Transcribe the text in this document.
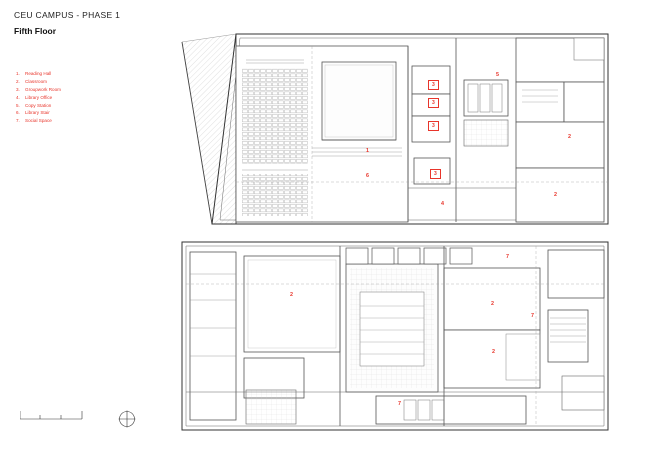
CEU CAMPUS - PHASE 1
Fifth Floor
1.	Reading Hall
2.	Classroom
3.	Groupwork Room
4.	Library Office
5.	Copy Station
6.	Library Stair
7.	Social Space
1
3
3
3
3
5
2
2
6
4
2
2
2
7
7
7
